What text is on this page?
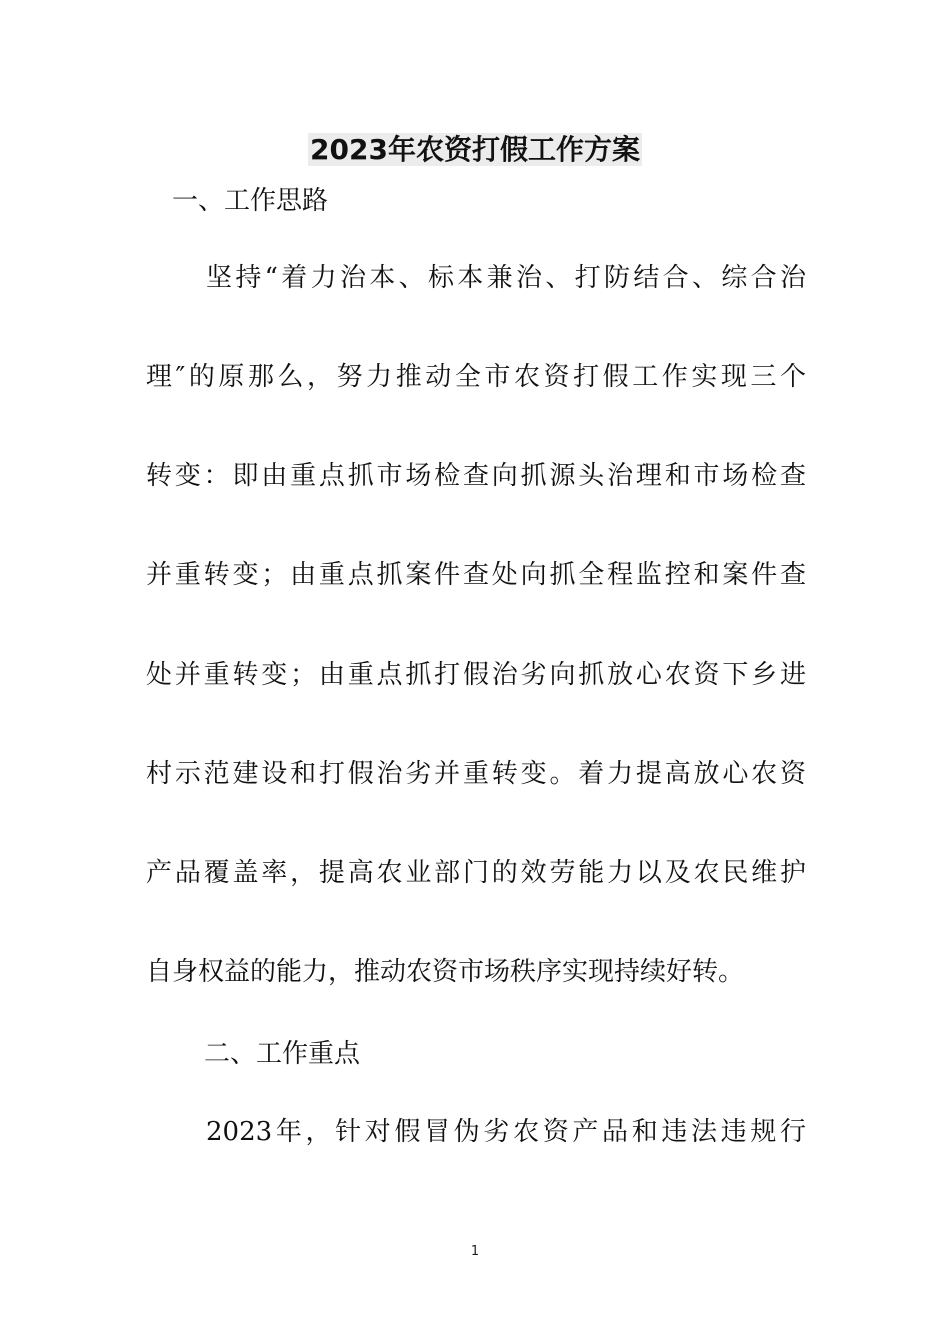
2023年农资打假工作方案

一、工作思路

坚持“着力治本、标本兼治、打防结合、综合治

理″的原那么，努力推动全市农资打假工作实现三个

转变：即由重点抓市场检查向抓源头治理和市场检查

并重转变；由重点抓案件查处向抓全程监控和案件查

处并重转变；由重点抓打假治劣向抓放心农资下乡进

村示范建设和打假治劣并重转变。着力提高放心农资

产品覆盖率，提高农业部门的效劳能力以及农民维护

自身权益的能力，推动农资市场秩序实现持续好转。

二、工作重点

2023年，针对假冒伪劣农资产品和违法违规行

1
